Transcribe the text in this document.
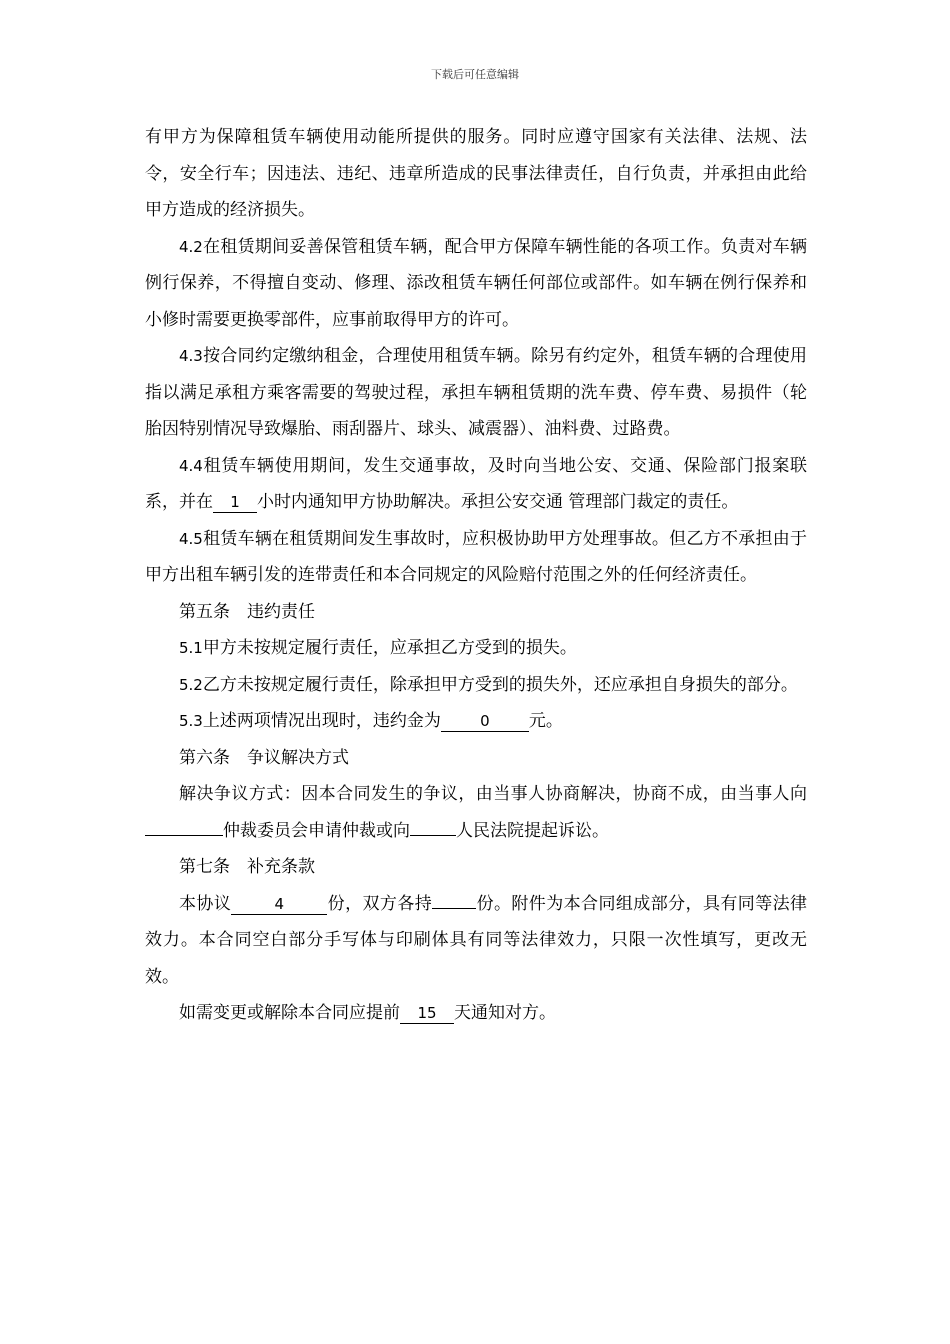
下载后可任意编辑

有甲方为保障租赁车辆使用动能所提供的服务。同时应遵守国家有关法律、法规、法令，安全行车；因违法、违纪、违章所造成的民事法律责任，自行负责，并承担由此给甲方造成的经济损失。

4.2在租赁期间妥善保管租赁车辆，配合甲方保障车辆性能的各项工作。负责对车辆例行保养，不得擅自变动、修理、添改租赁车辆任何部位或部件。如车辆在例行保养和小修时需要更换零部件，应事前取得甲方的许可。

4.3按合同约定缴纳租金，合理使用租赁车辆。除另有约定外，租赁车辆的合理使用指以满足承租方乘客需要的驾驶过程，承担车辆租赁期的洗车费、停车费、易损件（轮胎因特别情况导致爆胎、雨刮器片、球头、减震器）、油料费、过路费。

4.4租赁车辆使用期间，发生交通事故，及时向当地公安、交通、保险部门报案联系，并在 1 小时内通知甲方协助解决。承担公安交通 管理部门裁定的责任。

4.5租赁车辆在租赁期间发生事故时，应积极协助甲方处理事故。但乙方不承担由于甲方出租车辆引发的连带责任和本合同规定的风险赔付范围之外的任何经济责任。

第五条 违约责任

5.1甲方未按规定履行责任，应承担乙方受到的损失。

5.2乙方未按规定履行责任，除承担甲方受到的损失外，还应承担自身损失的部分。

5.3上述两项情况出现时，违约金为	0 元。

第六条 争议解决方式

解决争议方式：因本合同发生的争议，由当事人协商解决，协商不成，由当事人向仲裁委员会申请仲裁或向	人民法院提起诉讼。

第七条 补充条款

本协议	4	份，双方各持	份。附件为本合同组成部分，具有同等法律效力。本合同空白部分手写体与印刷体具有同等法律效力，只限一次性填写，更改无效。

如需变更或解除本合同应提前 15 天通知对方。
